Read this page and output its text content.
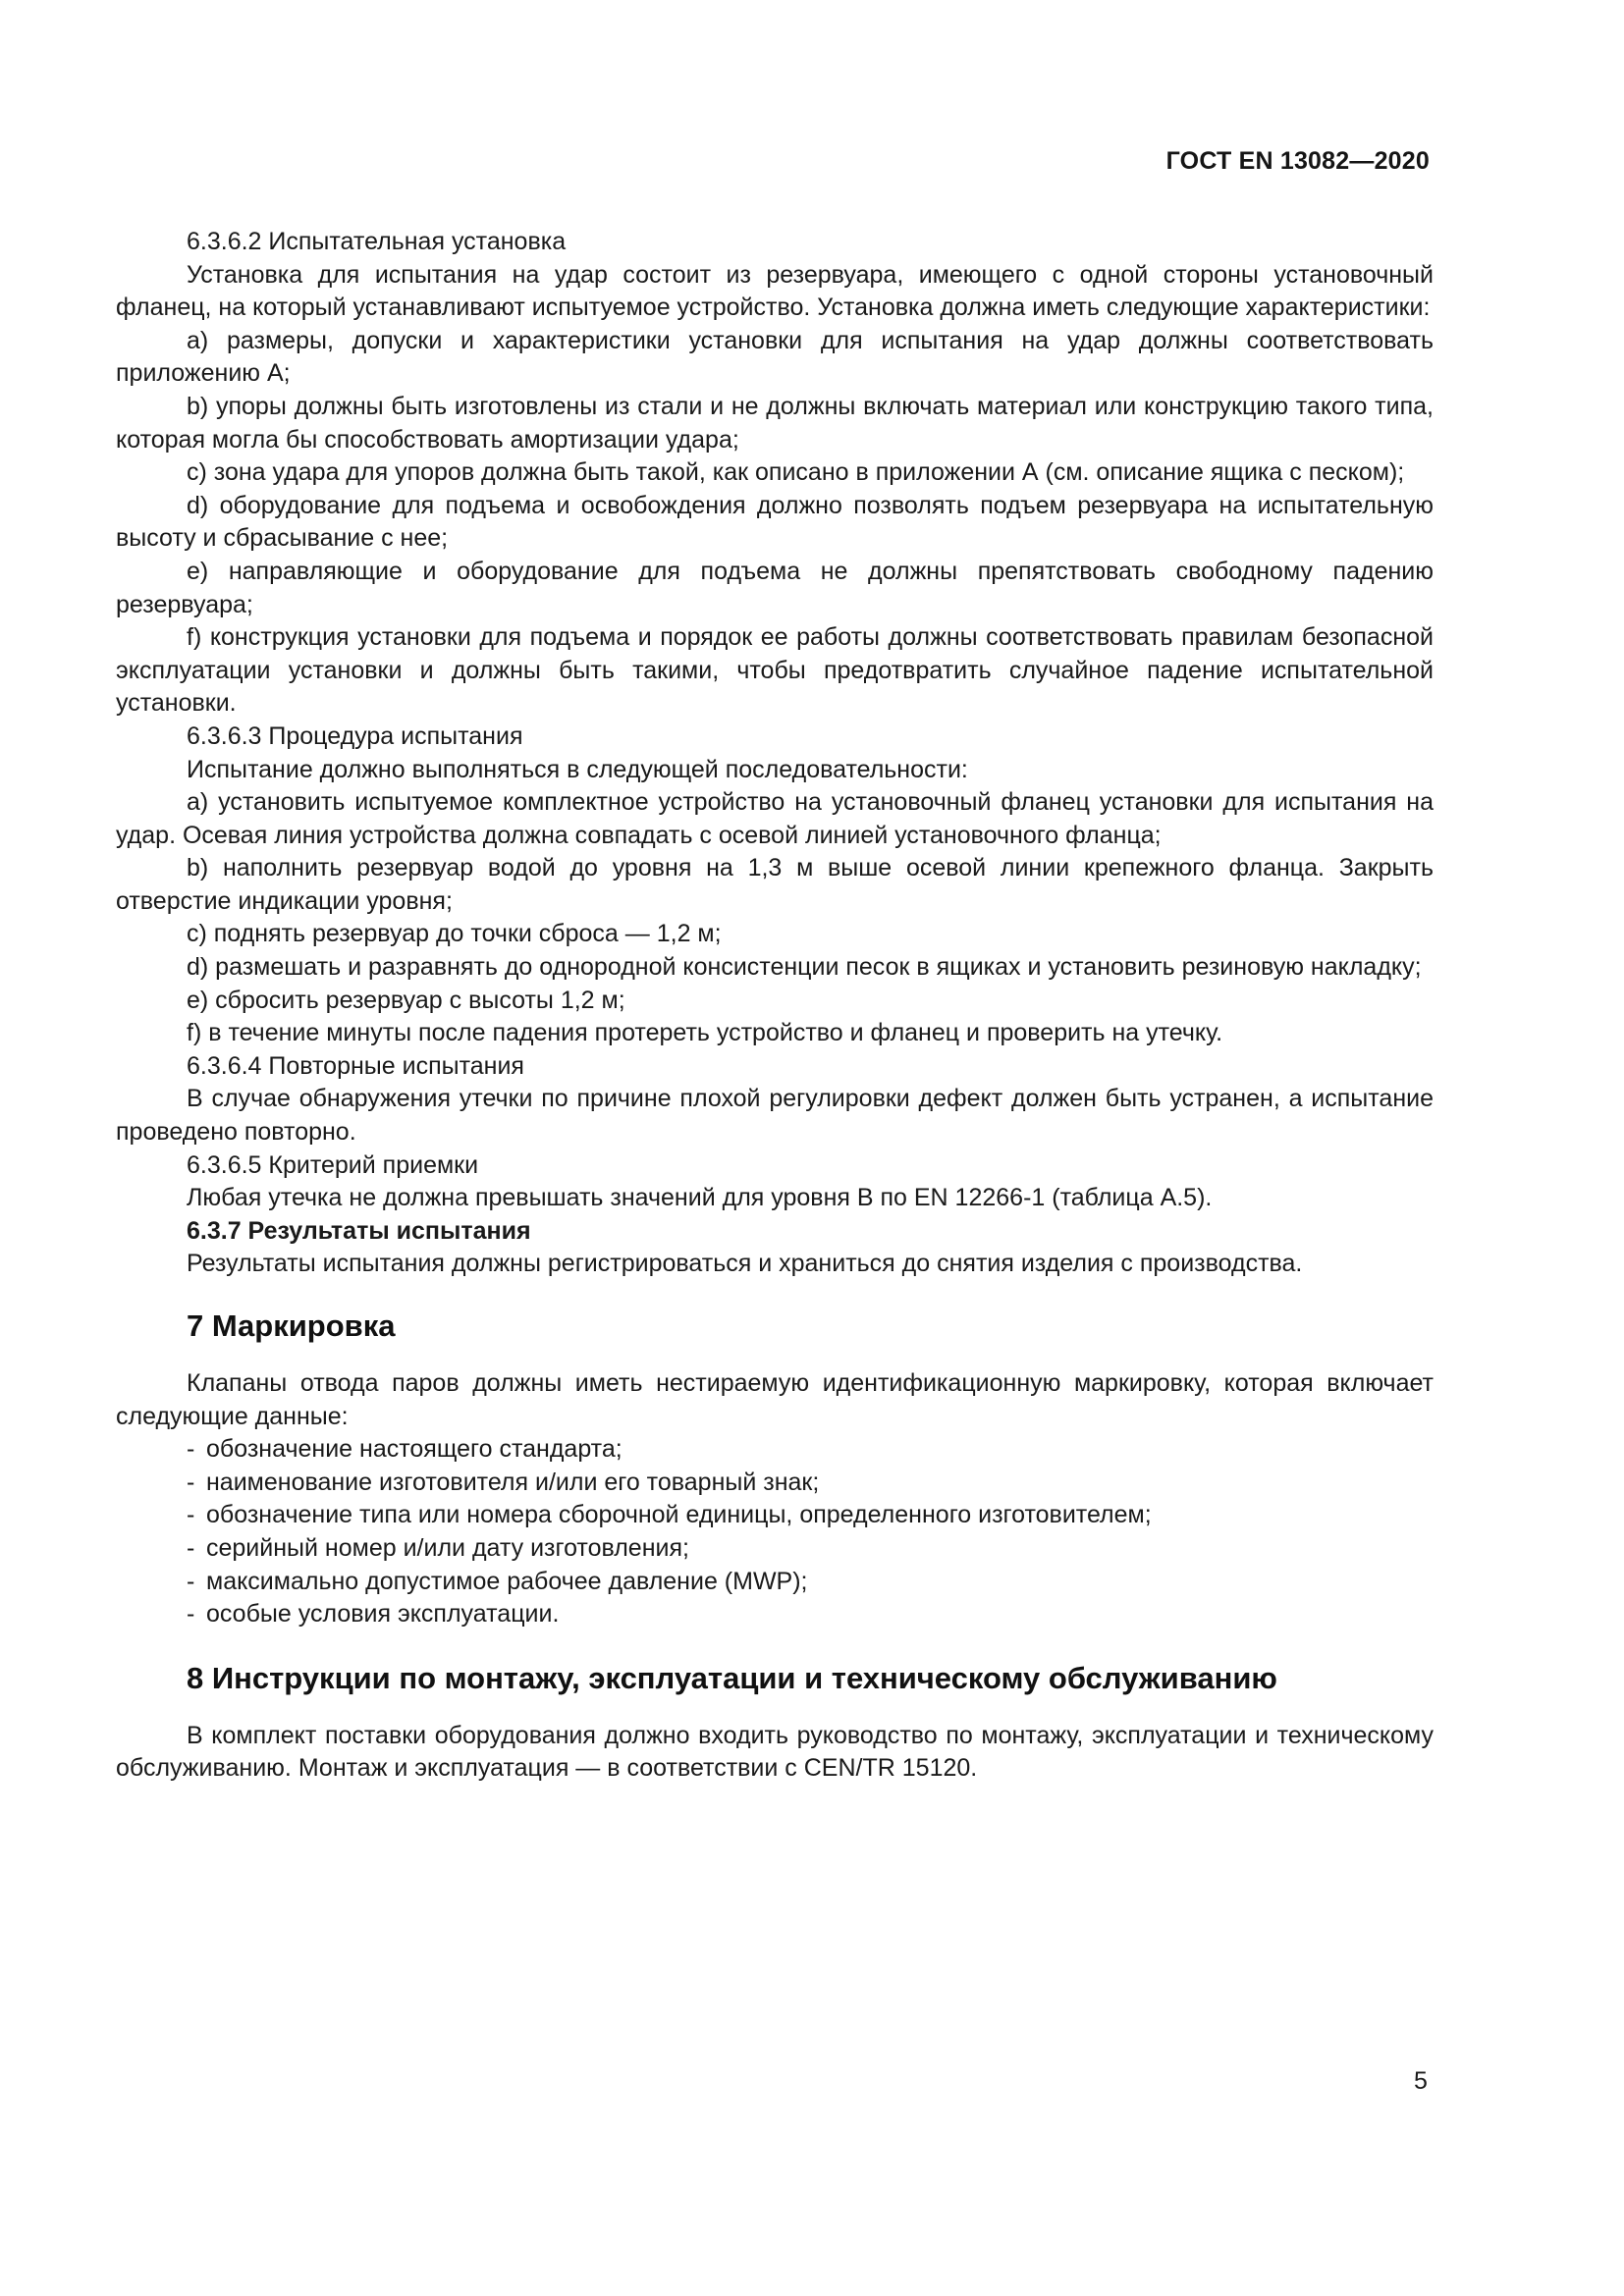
ГОСТ EN 13082—2020

6.3.6.2 Испытательная установка

Установка для испытания на удар состоит из резервуара, имеющего с одной стороны установочный фланец, на который устанавливают испытуемое устройство. Установка должна иметь следующие характеристики:

a) размеры, допуски и характеристики установки для испытания на удар должны соответствовать приложению А;

b) упоры должны быть изготовлены из стали и не должны включать материал или конструкцию такого типа, которая могла бы способствовать амортизации удара;

c) зона удара для упоров должна быть такой, как описано в приложении А (см. описание ящика с песком);

d) оборудование для подъема и освобождения должно позволять подъем резервуара на испытательную высоту и сбрасывание с нее;

e) направляющие и оборудование для подъема не должны препятствовать свободному падению резервуара;

f) конструкция установки для подъема и порядок ее работы должны соответствовать правилам безопасной эксплуатации установки и должны быть такими, чтобы предотвратить случайное падение испытательной установки.

6.3.6.3 Процедура испытания

Испытание должно выполняться в следующей последовательности:

a) установить испытуемое комплектное устройство на установочный фланец установки для испытания на удар. Осевая линия устройства должна совпадать с осевой линией установочного фланца;

b) наполнить резервуар водой до уровня на 1,3 м выше осевой линии крепежного фланца. Закрыть отверстие индикации уровня;

c) поднять резервуар до точки сброса — 1,2 м;

d) размешать и разравнять до однородной консистенции песок в ящиках и установить резиновую накладку;

e) сбросить резервуар с высоты 1,2 м;

f) в течение минуты после падения протереть устройство и фланец и проверить на утечку.

6.3.6.4 Повторные испытания

В случае обнаружения утечки по причине плохой регулировки дефект должен быть устранен, а испытание проведено повторно.

6.3.6.5 Критерий приемки

Любая утечка не должна превышать значений для уровня В по EN 12266-1 (таблица А.5).

6.3.7 Результаты испытания

Результаты испытания должны регистрироваться и храниться до снятия изделия с производства.

7 Маркировка

Клапаны отвода паров должны иметь нестираемую идентификационную маркировку, которая включает следующие данные:

- обозначение настоящего стандарта;

- наименование изготовителя и/или его товарный знак;

- обозначение типа или номера сборочной единицы, определенного изготовителем;

- серийный номер и/или дату изготовления;

- максимально допустимое рабочее давление (MWP);

- особые условия эксплуатации.

8 Инструкции по монтажу, эксплуатации и техническому обслуживанию

В комплект поставки оборудования должно входить руководство по монтажу, эксплуатации и техническому обслуживанию. Монтаж и эксплуатация — в соответствии с CEN/TR 15120.

5
